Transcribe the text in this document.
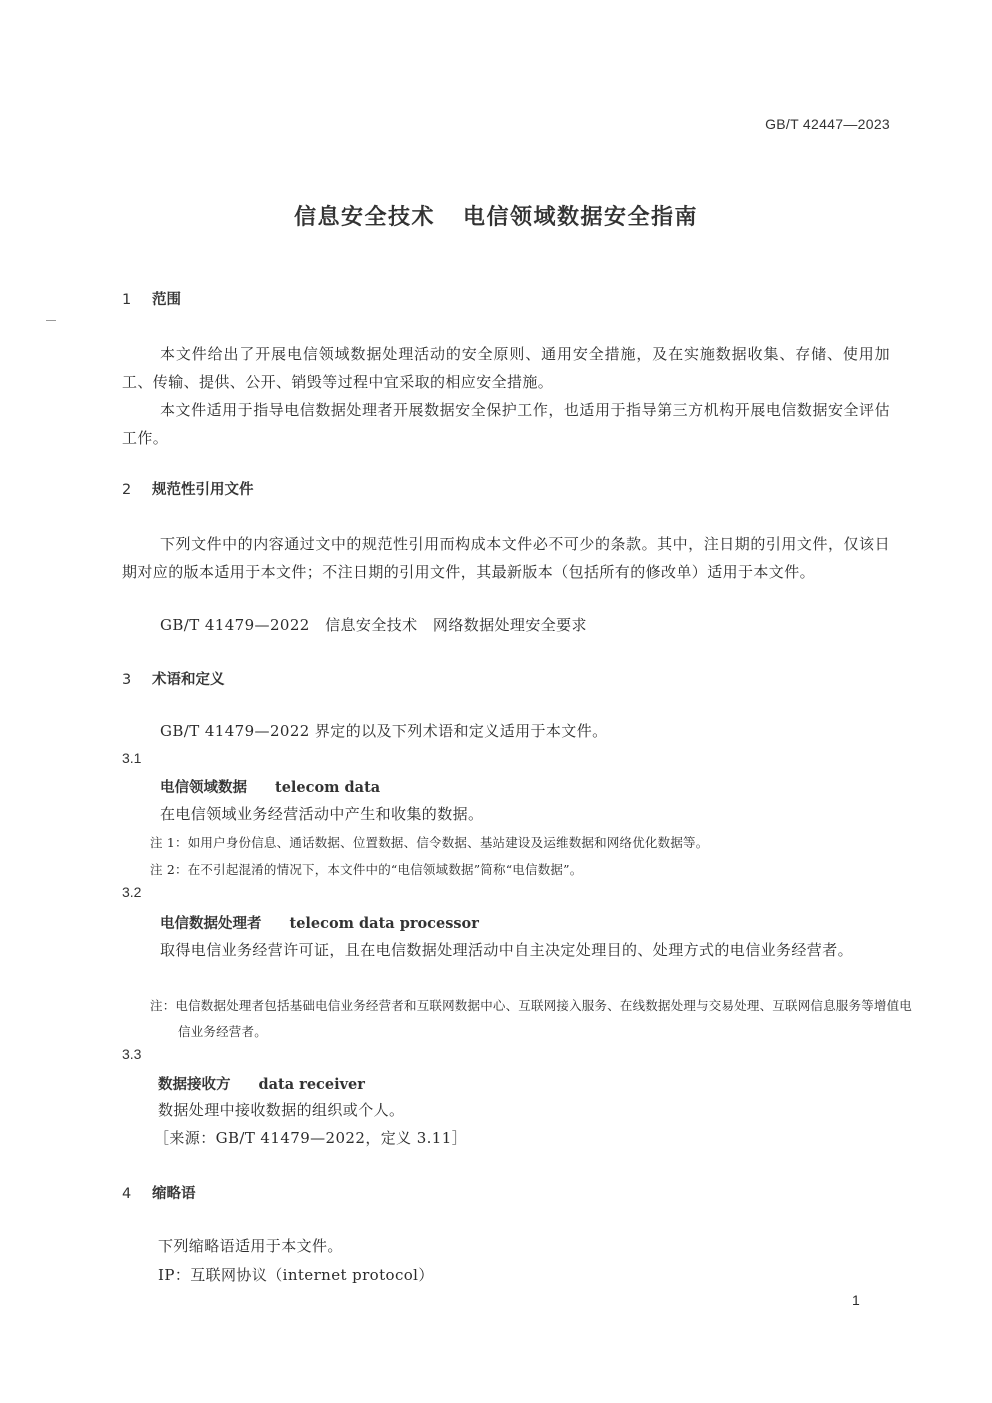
GB/T 42447—2023
信息安全技术 电信领域数据安全指南
1 范围
本文件给出了开展电信领域数据处理活动的安全原则、通用安全措施，及在实施数据收集、存储、使用加工、传输、提供、公开、销毁等过程中宜采取的相应安全措施。
本文件适用于指导电信数据处理者开展数据安全保护工作，也适用于指导第三方机构开展电信数据安全评估工作。
2 规范性引用文件
下列文件中的内容通过文中的规范性引用而构成本文件必不可少的条款。其中，注日期的引用文件，仅该日期对应的版本适用于本文件；不注日期的引用文件，其最新版本（包括所有的修改单）适用于本文件。
GB/T 41479—2022　信息安全技术　网络数据处理安全要求
3 术语和定义
GB/T 41479—2022 界定的以及下列术语和定义适用于本文件。
3.1
电信领域数据 telecom data
在电信领域业务经营活动中产生和收集的数据。
注 1：如用户身份信息、通话数据、位置数据、信令数据、基站建设及运维数据和网络优化数据等。
注 2：在不引起混淆的情况下，本文件中的“电信领域数据”简称“电信数据”。
3.2
电信数据处理者 telecom data processor
取得电信业务经营许可证，且在电信数据处理活动中自主决定处理目的、处理方式的电信业务经营者。
注：电信数据处理者包括基础电信业务经营者和互联网数据中心、互联网接入服务、在线数据处理与交易处理、互联网信息服务等增值电信业务经营者。
3.3
数据接收方 data receiver
数据处理中接收数据的组织或个人。
［来源：GB/T 41479—2022，定义 3.11］
4 缩略语
下列缩略语适用于本文件。
IP：互联网协议（internet protocol）
1
